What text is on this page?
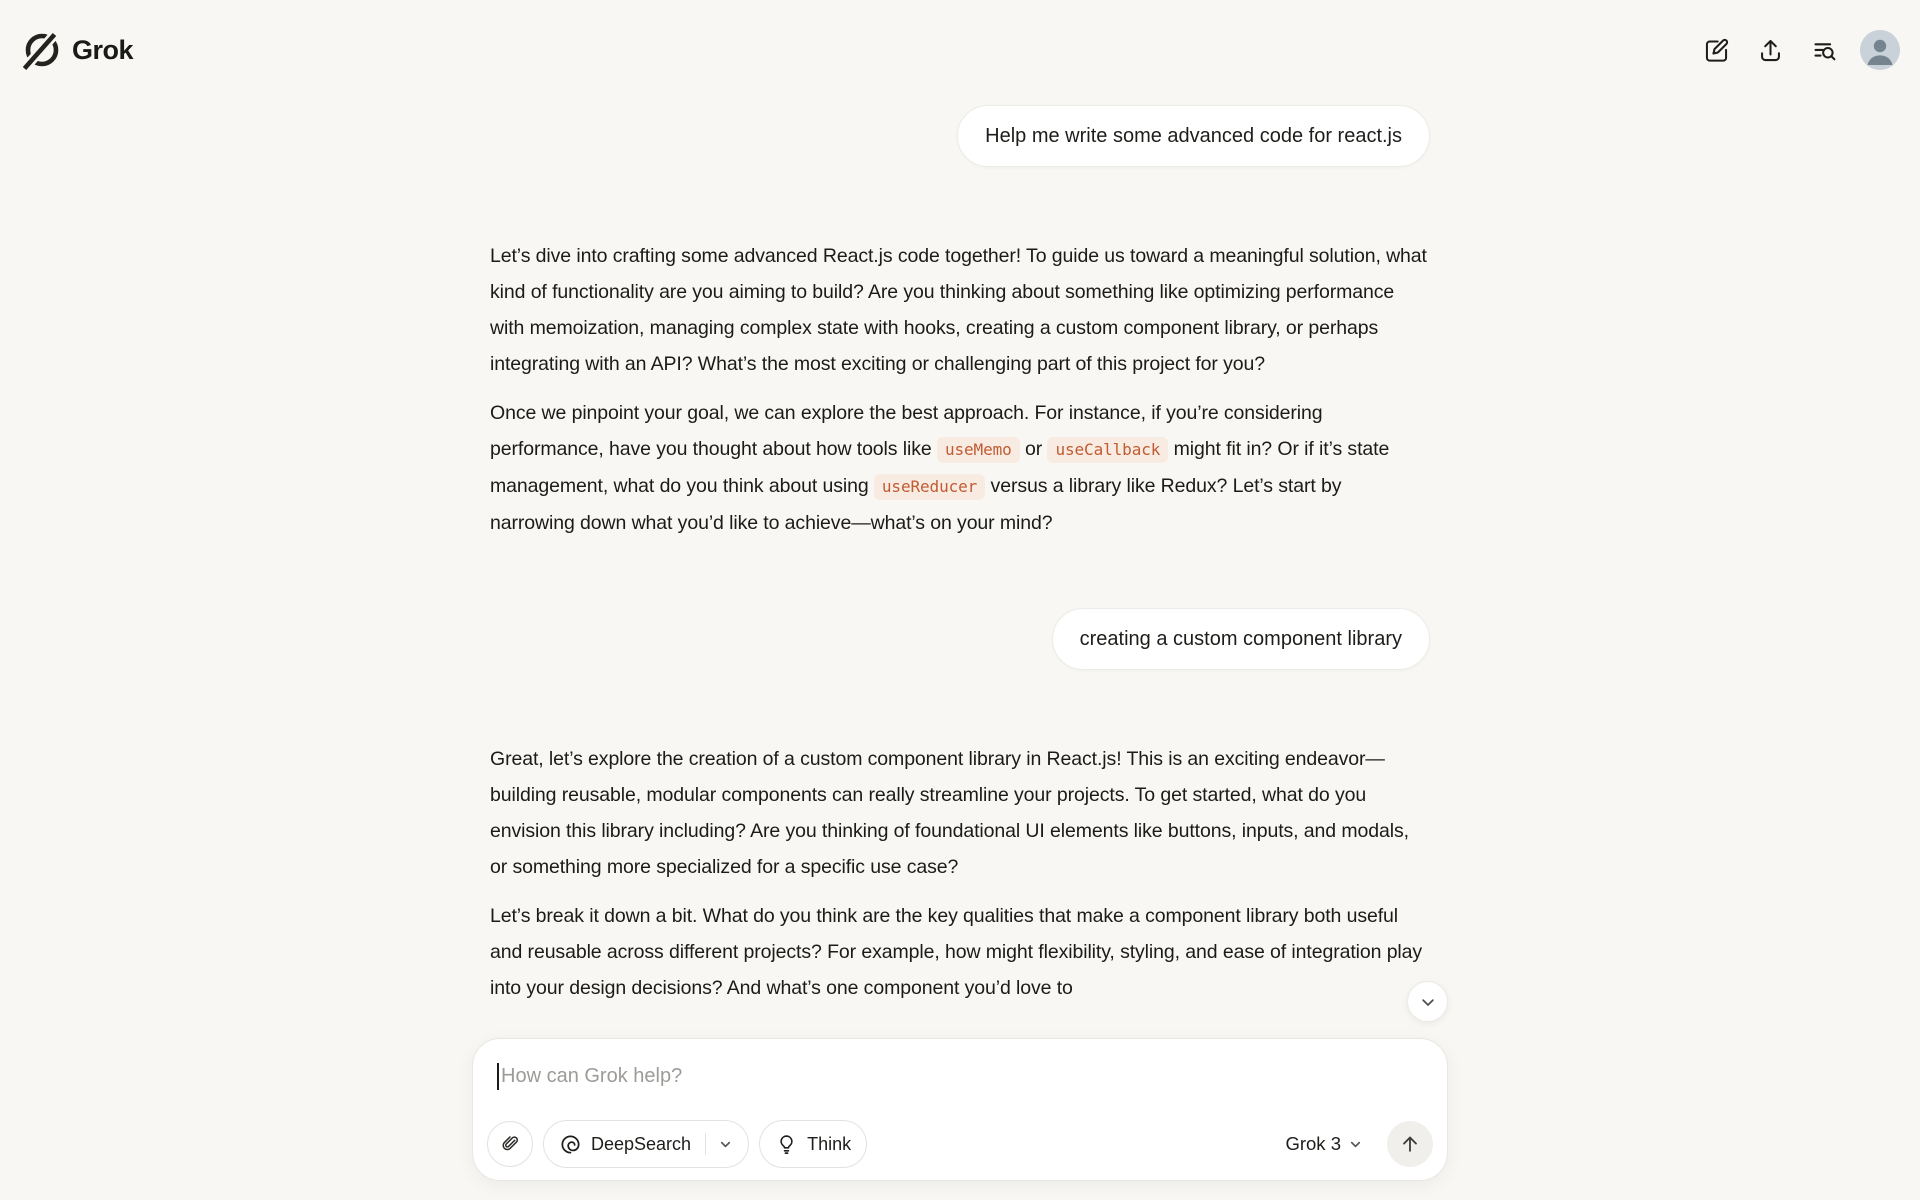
Grok
Help me write some advanced code for react.js

Let’s dive into crafting some advanced React.js code together! To guide us toward a meaningful solution, what kind of functionality are you aiming to build? Are you thinking about something like optimizing performance with memoization, managing complex state with hooks, creating a custom component library, or perhaps integrating with an API? What’s the most exciting or challenging part of this project for you?

Once we pinpoint your goal, we can explore the best approach. For instance, if you’re considering performance, have you thought about how tools like useMemo or useCallback might fit in? Or if it’s state management, what do you think about using useReducer versus a library like Redux? Let’s start by narrowing down what you’d like to achieve—what’s on your mind?

creating a custom component library

Great, let’s explore the creation of a custom component library in React.js! This is an exciting endeavor—building reusable, modular components can really streamline your projects. To get started, what do you envision this library including? Are you thinking of foundational UI elements like buttons, inputs, and modals, or something more specialized for a specific use case?

Let’s break it down a bit. What do you think are the key qualities that make a component library both useful and reusable across different projects? For example, how might flexibility, styling, and ease of integration play into your design decisions? And what’s one component you’d love to

How can Grok help?
DeepSearch	Think	Grok 3
